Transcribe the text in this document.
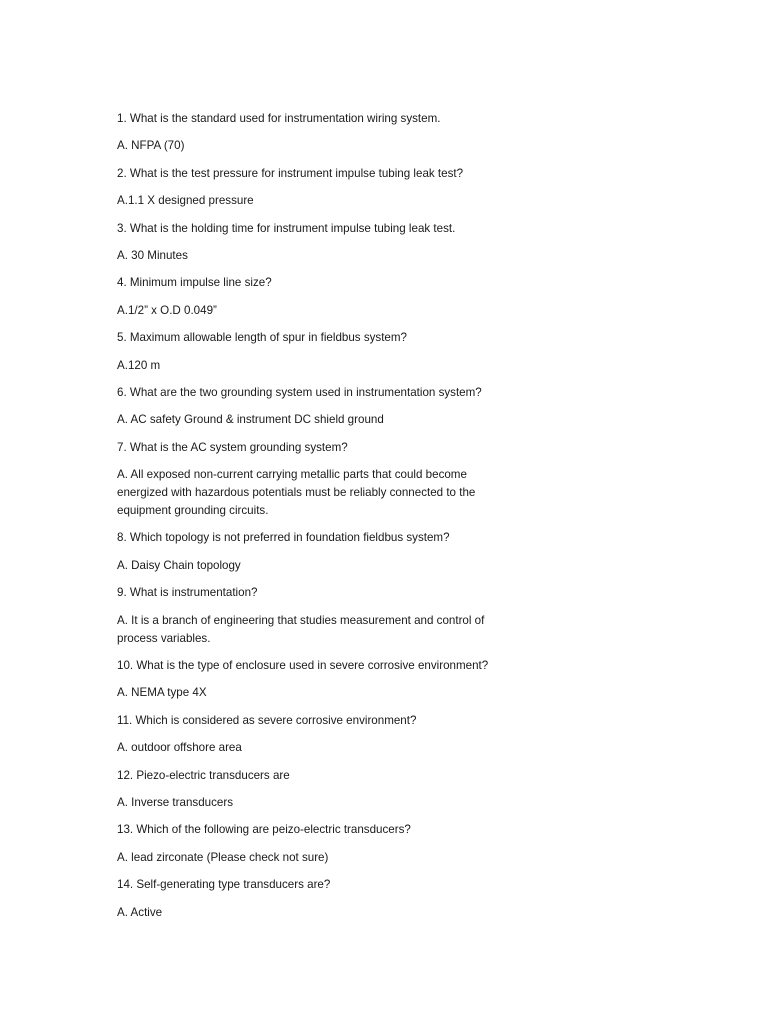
1. What is the standard used for instrumentation wiring system.

A. NFPA (70)

2. What is the test pressure for instrument impulse tubing leak test?

A.1.1 X designed pressure

3. What is the holding time for instrument impulse tubing leak test.

A. 30 Minutes

4. Minimum impulse line size?

A.1/2” x O.D 0.049”

5. Maximum allowable length of spur in fieldbus system?

A.120 m

6. What are the two grounding system used in instrumentation system?

A. AC safety Ground & instrument DC shield ground

7. What is the AC system grounding system?

A. All exposed non-current carrying metallic parts that could become energized with hazardous potentials must be reliably connected to the equipment grounding circuits.

8. Which topology is not preferred in foundation fieldbus system?

A. Daisy Chain topology

9. What is instrumentation?

A. It is a branch of engineering that studies measurement and control of process variables.

10. What is the type of enclosure used in severe corrosive environment?

A. NEMA type 4X

11. Which is considered as severe corrosive environment?

A. outdoor offshore area

12. Piezo-electric transducers are

A. Inverse transducers

13. Which of the following are peizo-electric transducers?

A. lead zirconate (Please check not sure)

14. Self-generating type transducers are?

A. Active
